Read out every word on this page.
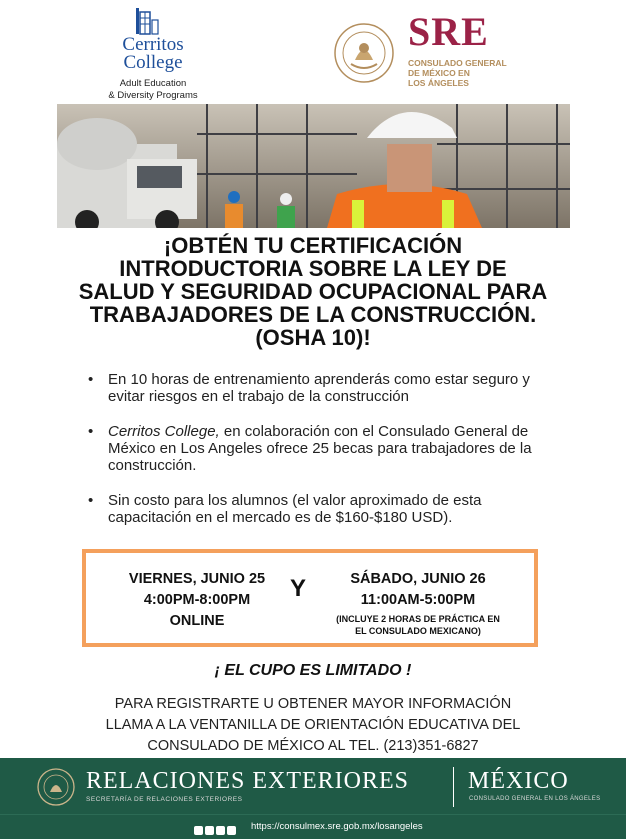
Cerritos
College
Adult Education
& Diversity Programs
SRE
CONSULADO GENERAL
DE MÉXICO EN
LOS ÁNGELES
¡OBTÉN TU CERTIFICACIÓN
INTRODUCTORIA SOBRE LA LEY DE
SALUD Y SEGURIDAD OCUPACIONAL PARA
TRABAJADORES DE LA CONSTRUCCIÓN.
(OSHA 10)!
• En 10 horas de entrenamiento aprenderás como estar seguro y evitar riesgos en el trabajo de la construcción
• Cerritos College, en colaboración con el Consulado General de México en Los Angeles ofrece 25 becas para trabajadores de la construcción.
• Sin costo para los alumnos (el valor aproximado de esta capacitación en el mercado es de $160-$180 USD).
VIERNES, JUNIO 25
4:00PM-8:00PM
ONLINE
Y	SÁBADO, JUNIO 26
11:00AM-5:00PM
(INCLUYE 2 HORAS DE PRÁCTICA EN
EL CONSULADO MEXICANO)
¡ EL CUPO ES LIMITADO !
PARA REGISTRARTE U OBTENER MAYOR INFORMACIÓN
LLAMA A LA VENTANILLA DE ORIENTACIÓN EDUCATIVA DEL
CONSULADO DE MÉXICO AL TEL. (213)351-6827
RELACIONES EXTERIORES
SECRETARÍA DE RELACIONES EXTERIORES
MÉXICO
CONSULADO GENERAL EN LOS ÁNGELES
https://consulmex.sre.gob.mx/losangeles
